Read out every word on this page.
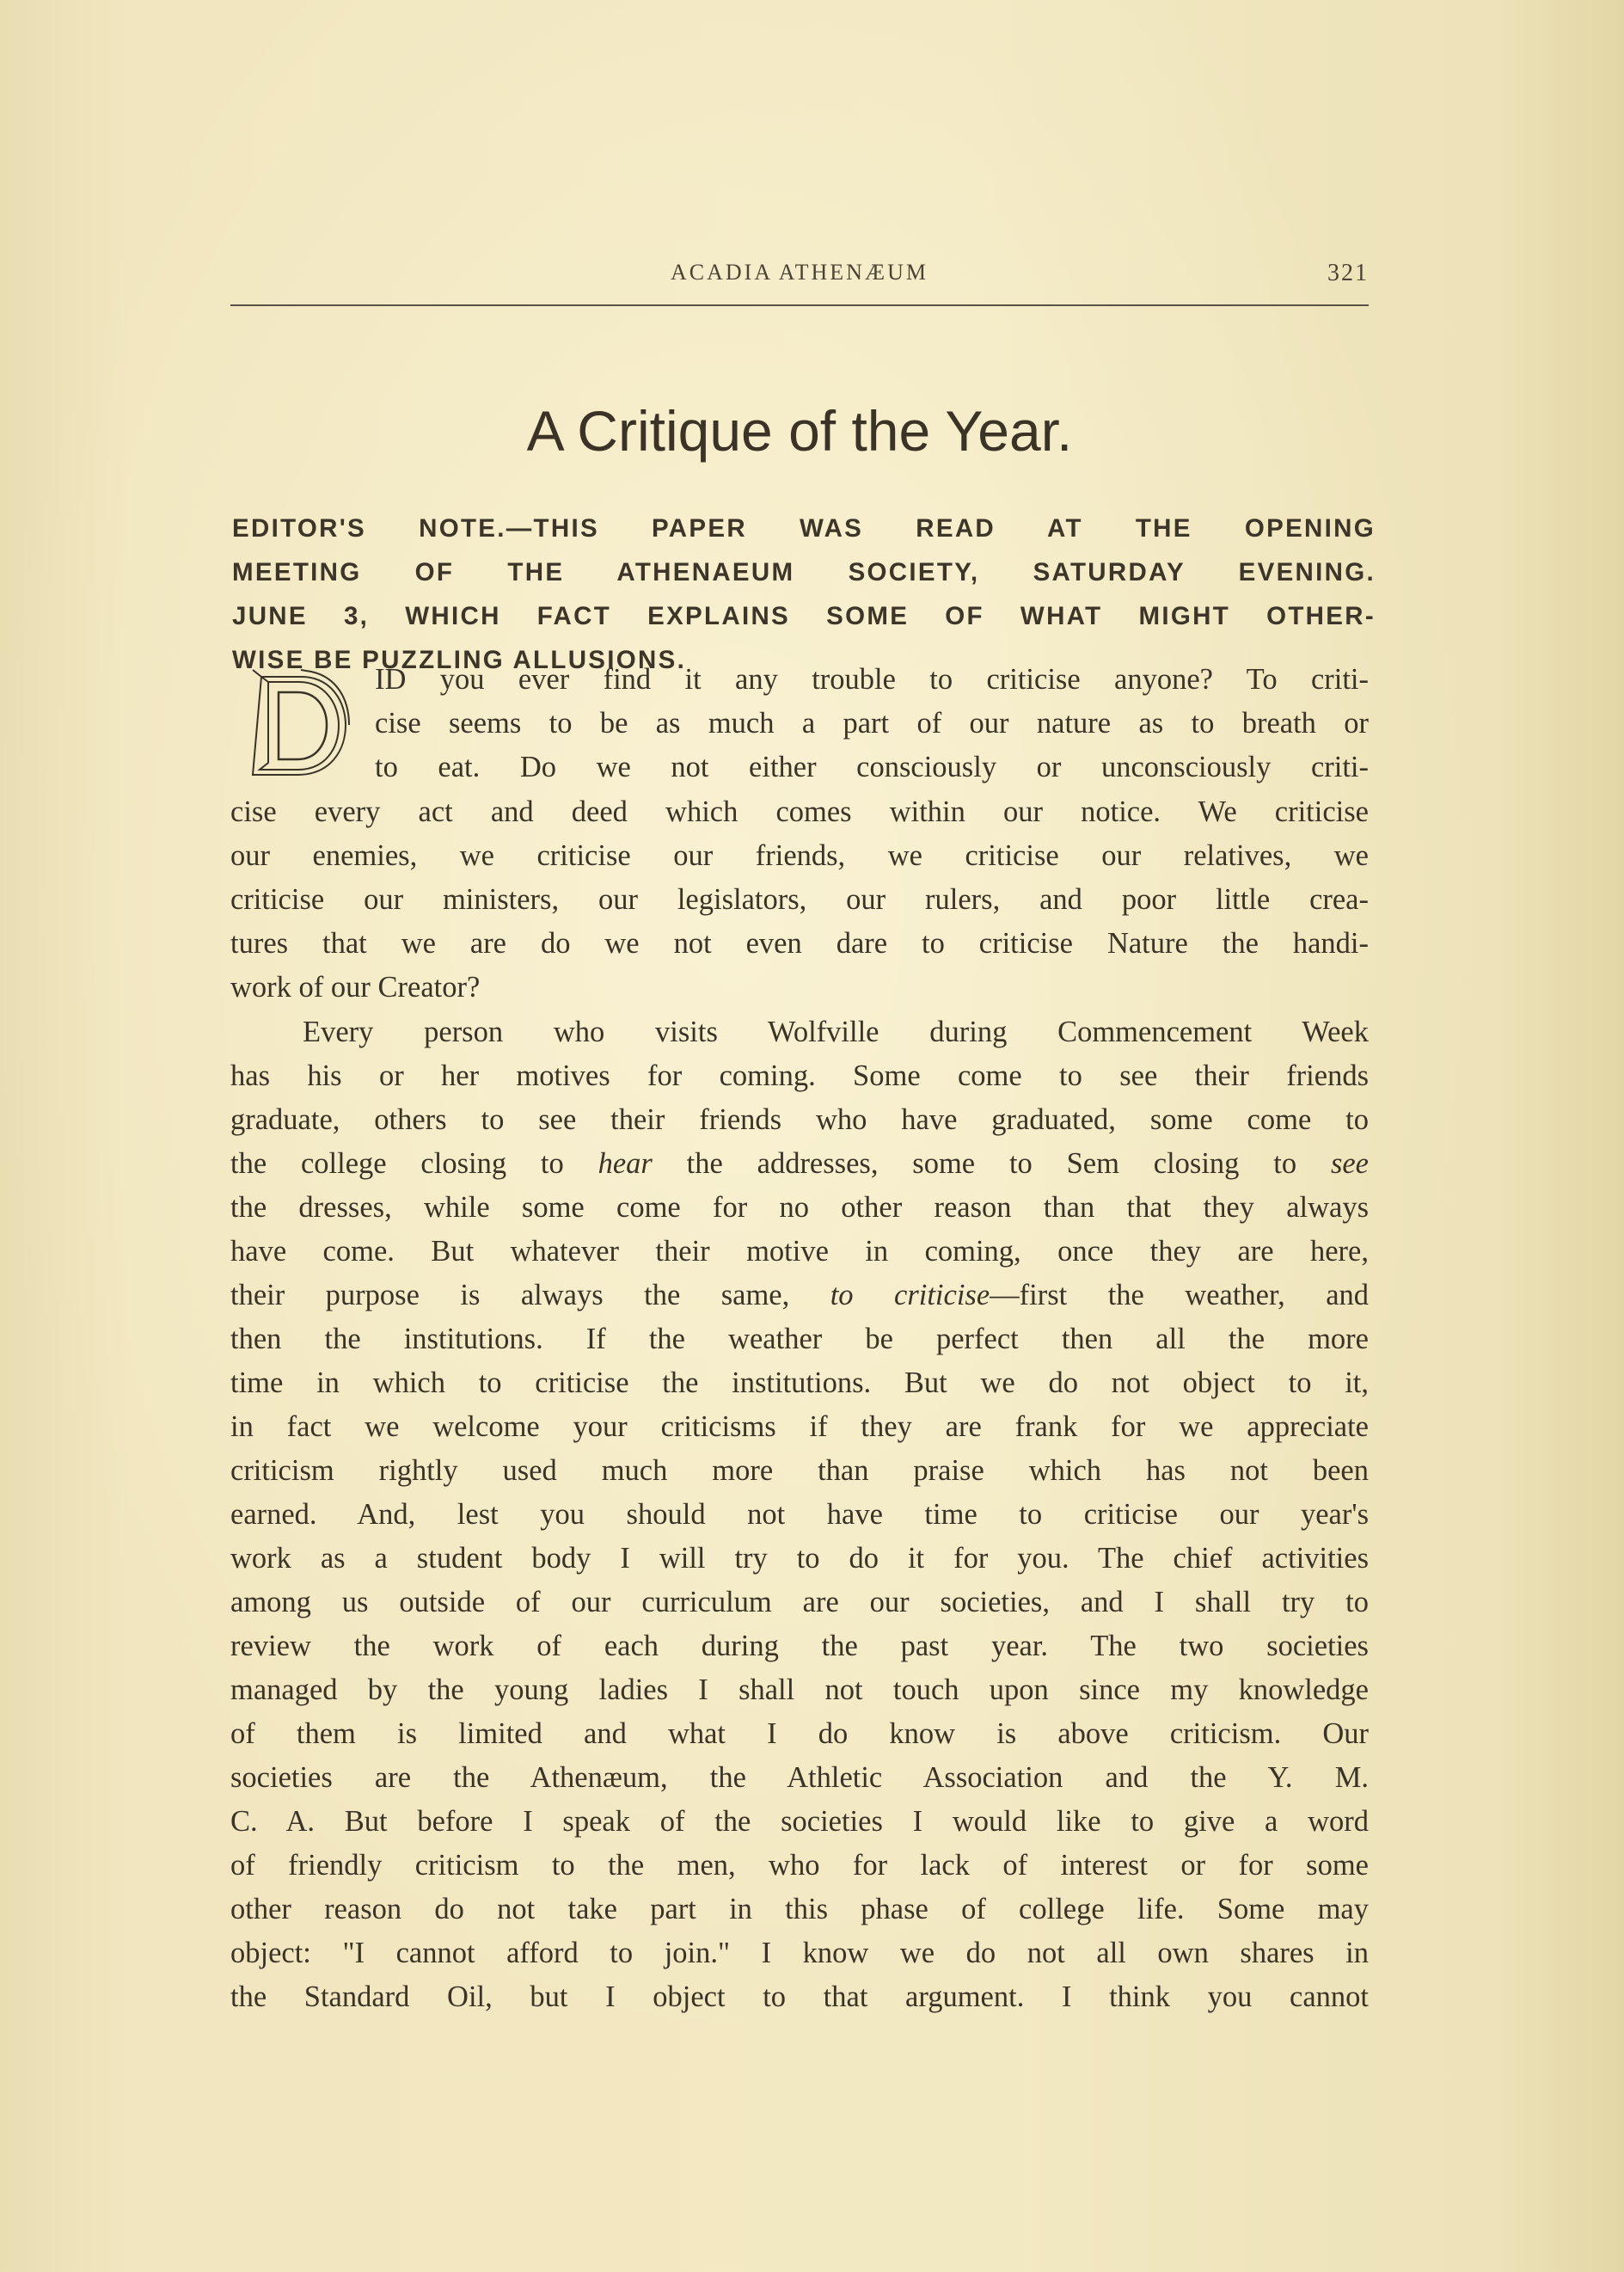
ACADIA ATHENÆUM	321
A Critique of the Year.
EDITOR'S NOTE.—THIS PAPER WAS READ AT THE OPENING
MEETING OF THE ATHENAEUM SOCIETY, SATURDAY EVENING.
JUNE 3, WHICH FACT EXPLAINS SOME OF WHAT MIGHT OTHER-
WISE BE PUZZLING ALLUSIONS.
ID you ever find it any trouble to criticise anyone? To criti-
cise seems to be as much a part of our nature as to breath or
to eat. Do we not either consciously or unconsciously criti-
cise every act and deed which comes within our notice. We criticise
our enemies, we criticise our friends, we criticise our relatives, we
criticise our ministers, our legislators, our rulers, and poor little crea-
tures that we are do we not even dare to criticise Nature the handi-
work of our Creator?
Every person who visits Wolfville during Commencement Week
has his or her motives for coming. Some come to see their friends
graduate, others to see their friends who have graduated, some come to
the college closing to hear the addresses, some to Sem closing to see
the dresses, while some come for no other reason than that they always
have come. But whatever their motive in coming, once they are here,
their purpose is always the same, to criticise—first the weather, and
then the institutions. If the weather be perfect then all the more
time in which to criticise the institutions. But we do not object to it,
in fact we welcome your criticisms if they are frank for we appreciate
criticism rightly used much more than praise which has not been
earned. And, lest you should not have time to criticise our year's
work as a student body I will try to do it for you. The chief activities
among us outside of our curriculum are our societies, and I shall try to
review the work of each during the past year. The two societies
managed by the young ladies I shall not touch upon since my knowledge
of them is limited and what I do know is above criticism. Our
societies are the Athenæum, the Athletic Association and the Y. M.
C. A. But before I speak of the societies I would like to give a word
of friendly criticism to the men, who for lack of interest or for some
other reason do not take part in this phase of college life. Some may
object: "I cannot afford to join." I know we do not all own shares in
the Standard Oil, but I object to that argument. I think you cannot
